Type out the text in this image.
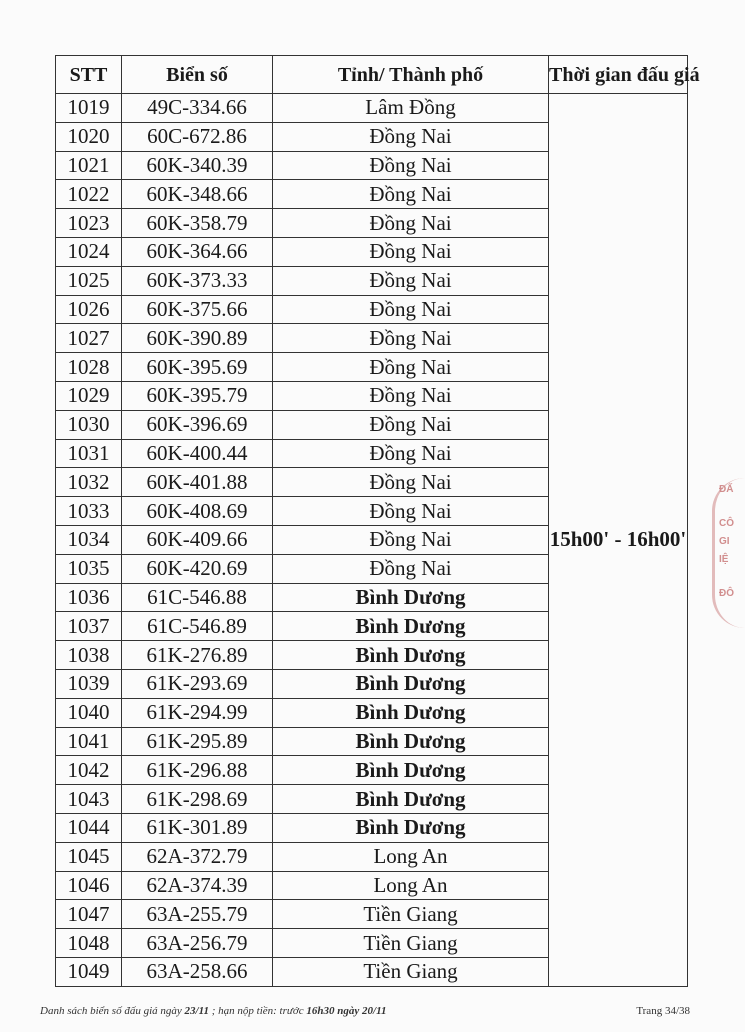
STT	Biển số	Tỉnh/ Thành phố	Thời gian đấu giá
1019	49C-334.66	Lâm Đồng	15h00' - 16h00'
1020	60C-672.86	Đồng Nai	
1021	60K-340.39	Đồng Nai	
1022	60K-348.66	Đồng Nai	
1023	60K-358.79	Đồng Nai	
1024	60K-364.66	Đồng Nai	
1025	60K-373.33	Đồng Nai	
1026	60K-375.66	Đồng Nai	
1027	60K-390.89	Đồng Nai	
1028	60K-395.69	Đồng Nai	
1029	60K-395.79	Đồng Nai	
1030	60K-396.69	Đồng Nai	
1031	60K-400.44	Đồng Nai	
1032	60K-401.88	Đồng Nai	
1033	60K-408.69	Đồng Nai	
1034	60K-409.66	Đồng Nai	
1035	60K-420.69	Đồng Nai	
1036	61C-546.88	Bình Dương	
1037	61C-546.89	Bình Dương	
1038	61K-276.89	Bình Dương	
1039	61K-293.69	Bình Dương	
1040	61K-294.99	Bình Dương	
1041	61K-295.89	Bình Dương	
1042	61K-296.88	Bình Dương	
1043	61K-298.69	Bình Dương	
1044	61K-301.89	Bình Dương	
1045	62A-372.79	Long An	
1046	62A-374.39	Long An	
1047	63A-255.79	Tiền Giang	
1048	63A-256.79	Tiền Giang	
1049	63A-258.66	Tiền Giang	
Danh sách biển số đấu giá ngày 23/11 ; hạn nộp tiền: trước 16h30 ngày 20/11	Trang 34/38
ĐẤ
CÔ
GI
IỆ
ĐÔ
